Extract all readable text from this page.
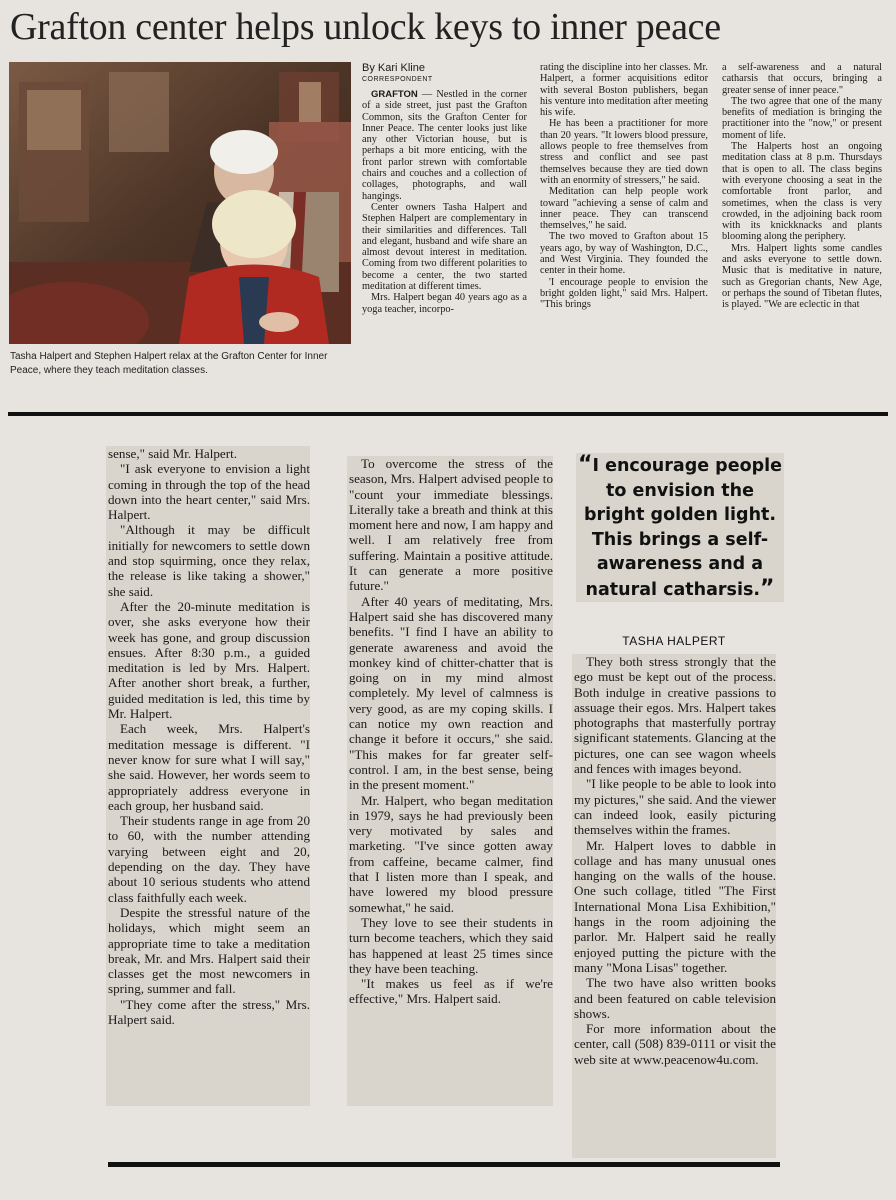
Grafton center helps unlock keys to inner peace
Tasha Halpert and Stephen Halpert relax at the Grafton Center for Inner Peace, where they teach meditation classes.
By Kari Kline
CORRESPONDENT

GRAFTON — Nestled in the corner of a side street, just past the Grafton Common, sits the Grafton Center for Inner Peace. The center looks just like any other Victorian house, but is perhaps a bit more enticing, with the front parlor strewn with comfortable chairs and couches and a collection of collages, photographs, and wall hangings.

Center owners Tasha Halpert and Stephen Halpert are complementary in their similarities and differences. Tall and elegant, husband and wife share an almost devout interest in meditation. Coming from two different polarities to become a center, the two started meditation at different times.

Mrs. Halpert began 40 years ago as a yoga teacher, incorpo-

rating the discipline into her classes. Mr. Halpert, a former acquisitions editor with several Boston publishers, began his venture into meditation after meeting his wife.

He has been a practitioner for more than 20 years. "It lowers blood pressure, allows people to free themselves from stress and conflict and see past themselves because they are tied down with an enormity of stressers," he said.

Meditation can help people work toward "achieving a sense of calm and inner peace. They can transcend themselves," he said.

The two moved to Grafton about 15 years ago, by way of Washington, D.C., and West Virginia. They founded the center in their home.

'I encourage people to envision the bright golden light," said Mrs. Halpert. "This brings

a self-awareness and a natural catharsis that occurs, bringing a greater sense of inner peace."

The two agree that one of the many benefits of mediation is bringing the practitioner into the "now," or present moment of life.

The Halperts host an ongoing meditation class at 8 p.m. Thursdays that is open to all. The class begins with everyone choosing a seat in the comfortable front parlor, and sometimes, when the class is very crowded, in the adjoining back room with its knickknacks and plants blooming along the periphery.

Mrs. Halpert lights some candles and asks everyone to settle down. Music that is meditative in nature, such as Gregorian chants, New Age, or perhaps the sound of Tibetan flutes, is played. "We are eclectic in that

sense," said Mr. Halpert.

"I ask everyone to envision a light coming in through the top of the head down into the heart center," said Mrs. Halpert.

"Although it may be difficult initially for newcomers to settle down and stop squirming, once they relax, the release is like taking a shower," she said.

After the 20-minute meditation is over, she asks everyone how their week has gone, and group discussion ensues. After 8:30 p.m., a guided meditation is led by Mrs. Halpert. After another short break, a further, guided meditation is led, this time by Mr. Halpert.

Each week, Mrs. Halpert's meditation message is different. "I never know for sure what I will say," she said. However, her words seem to appropriately address everyone in each group, her husband said.

Their students range in age from 20 to 60, with the number attending varying between eight and 20, depending on the day. They have about 10 serious students who attend class faithfully each week.

Despite the stressful nature of the holidays, which might seem an appropriate time to take a meditation break, Mr. and Mrs. Halpert said their classes get the most newcomers in spring, summer and fall.

"They come after the stress," Mrs. Halpert said.

To overcome the stress of the season, Mrs. Halpert advised people to "count your immediate blessings. Literally take a breath and think at this moment here and now, I am happy and well. I am relatively free from suffering. Maintain a positive attitude. It can generate a more positive future."

After 40 years of meditating, Mrs. Halpert said she has discovered many benefits. "I find I have an ability to generate awareness and avoid the monkey kind of chitter-chatter that is going on in my mind almost completely. My level of calmness is very good, as are my coping skills. I can notice my own reaction and change it before it occurs," she said. "This makes for far greater self-control. I am, in the best sense, being in the present moment."

Mr. Halpert, who began meditation in 1979, says he had previously been very motivated by sales and marketing. "I've since gotten away from caffeine, became calmer, find that I listen more than I speak, and have lowered my blood pressure somewhat," he said.

They love to see their students in turn become teachers, which they said has happened at least 25 times since they have been teaching.

"It makes us feel as if we're effective," Mrs. Halpert said.

“I encourage people to envision the bright golden light. This brings a self-awareness and a natural catharsis.”
TASHA HALPERT

They both stress strongly that the ego must be kept out of the process. Both indulge in creative passions to assuage their egos. Mrs. Halpert takes photographs that masterfully portray significant statements. Glancing at the pictures, one can see wagon wheels and fences with images beyond.

"I like people to be able to look into my pictures," she said. And the viewer can indeed look, easily picturing themselves within the frames.

Mr. Halpert loves to dabble in collage and has many unusual ones hanging on the walls of the house. One such collage, titled "The First International Mona Lisa Exhibition," hangs in the room adjoining the parlor. Mr. Halpert said he really enjoyed putting the picture with the many "Mona Lisas" together.

The two have also written books and been featured on cable television shows.

For more information about the center, call (508) 839-0111 or visit the web site at www.peacenow4u.com.
